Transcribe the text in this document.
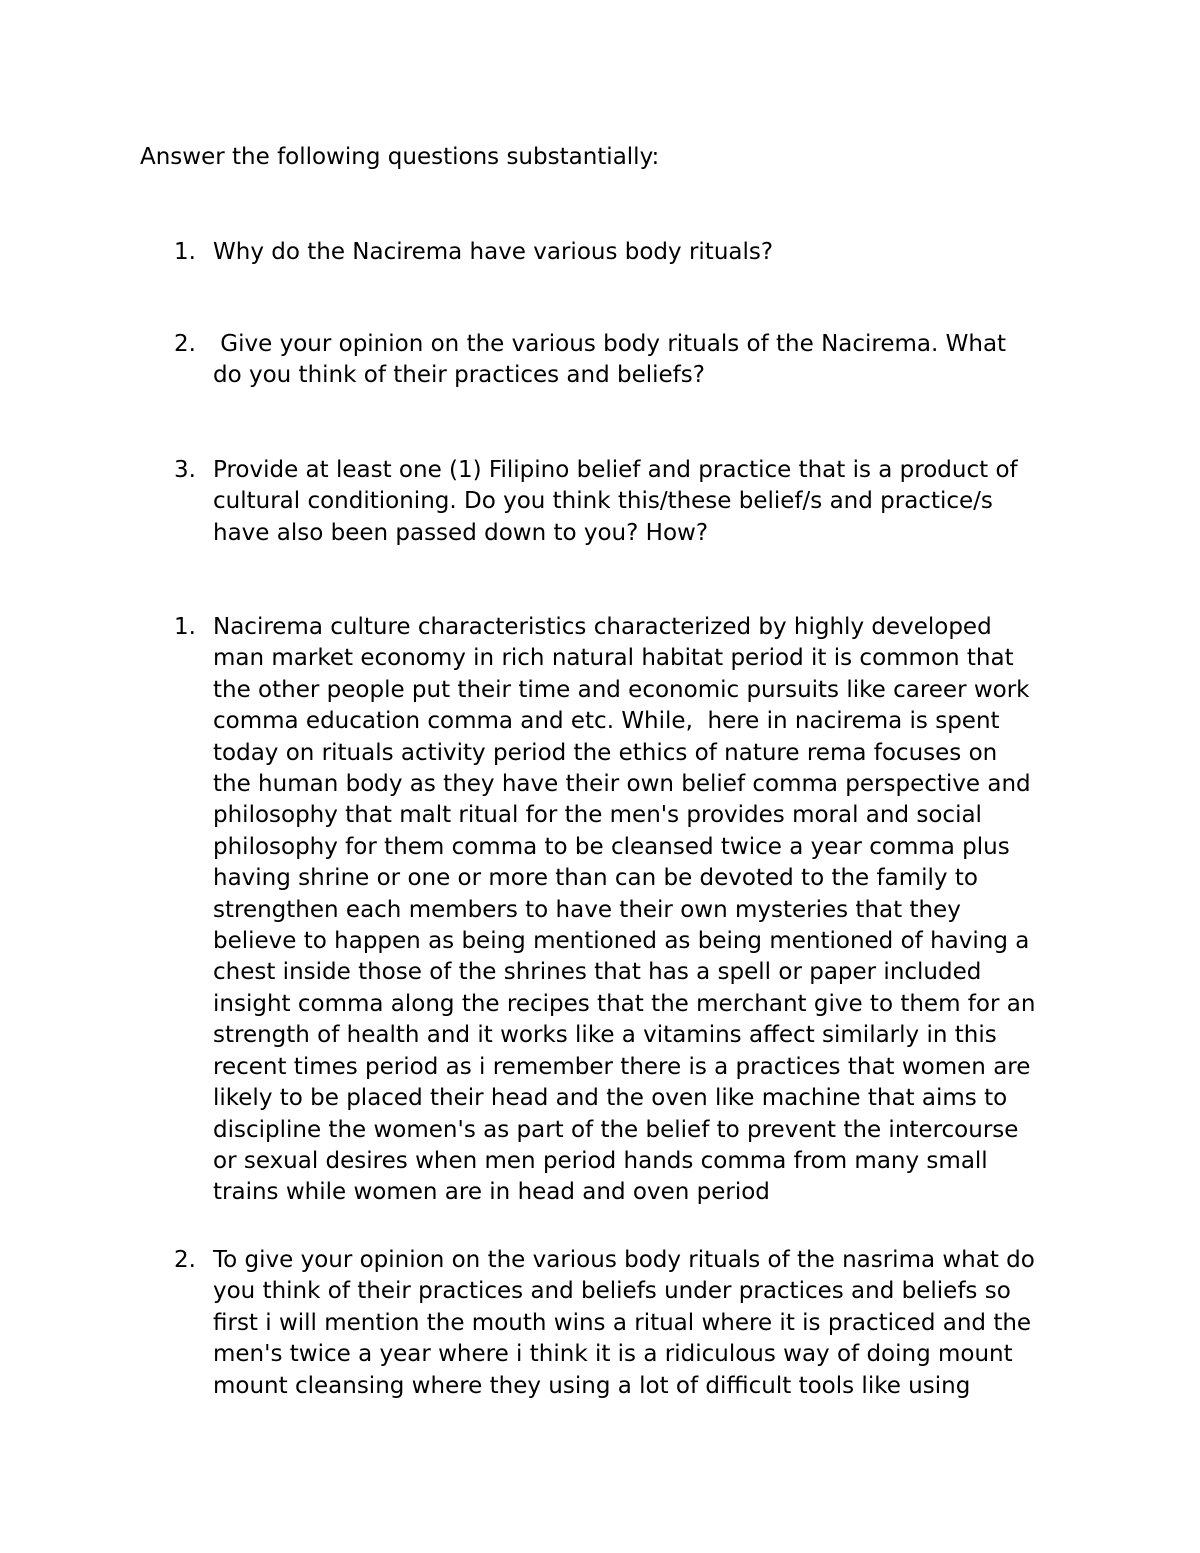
Answer the following questions substantially:

1. Why do the Nacirema have various body rituals?
2. Give your opinion on the various body rituals of the Nacirema. What
do you think of their practices and beliefs?
3. Provide at least one (1) Filipino belief and practice that is a product of
cultural conditioning. Do you think this/these belief/s and practice/s
have also been passed down to you? How?
1. Nacirema culture characteristics characterized by highly developed
man market economy in rich natural habitat period it is common that
the other people put their time and economic pursuits like career work
comma education comma and etc. While,  here in nacirema is spent
today on rituals activity period the ethics of nature rema focuses on
the human body as they have their own belief comma perspective and
philosophy that malt ritual for the men's provides moral and social
philosophy for them comma to be cleansed twice a year comma plus
having shrine or one or more than can be devoted to the family to
strengthen each members to have their own mysteries that they
believe to happen as being mentioned as being mentioned of having a
chest inside those of the shrines that has a spell or paper included
insight comma along the recipes that the merchant give to them for an
strength of health and it works like a vitamins affect similarly in this
recent times period as i remember there is a practices that women are
likely to be placed their head and the oven like machine that aims to
discipline the women's as part of the belief to prevent the intercourse
or sexual desires when men period hands comma from many small
trains while women are in head and oven period
2. To give your opinion on the various body rituals of the nasrima what do
you think of their practices and beliefs under practices and beliefs so
first i will mention the mouth wins a ritual where it is practiced and the
men's twice a year where i think it is a ridiculous way of doing mount
mount cleansing where they using a lot of difficult tools like using
